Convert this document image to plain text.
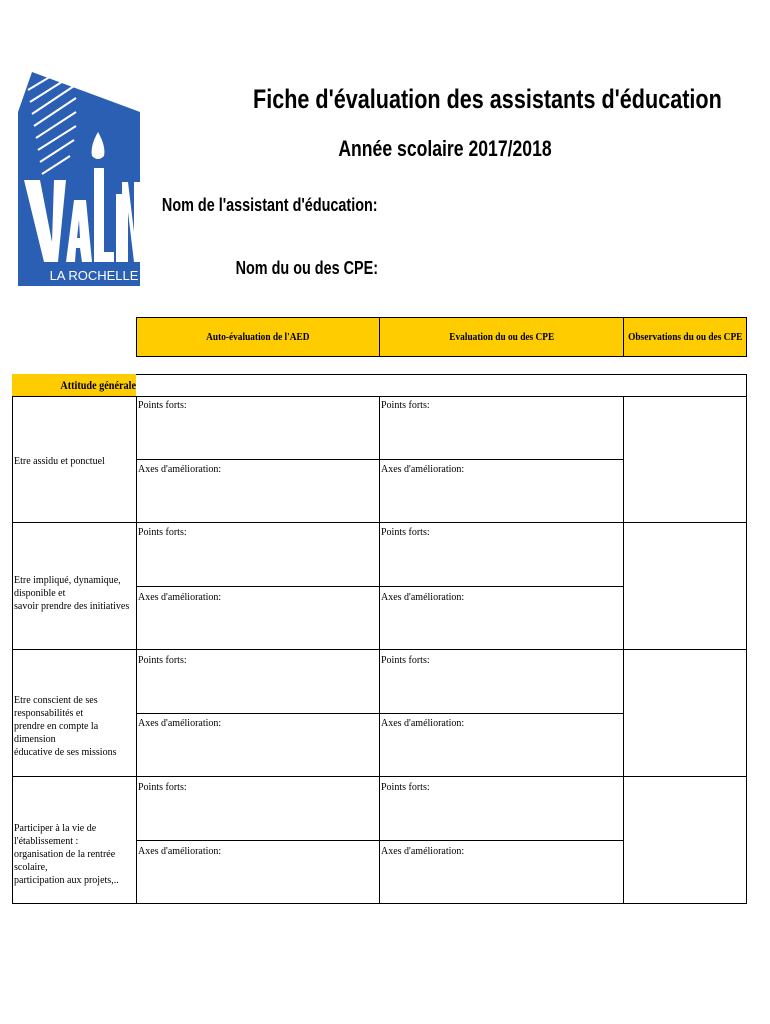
LA ROCHELLE
Fiche d'évaluation des assistants d'éducation
Année scolaire 2017/2018
Nom de l'assistant d'éducation:
Nom du ou des CPE:
Auto-évaluation de l'AED	Evaluation du ou des CPE	Observations du ou des CPE
Attitude générale
Etre assidu et ponctuel
Points forts:	Points forts:
Axes d'amélioration:	Axes d'amélioration:
Etre impliqué, dynamique, disponible et
savoir prendre des initiatives
Points forts:	Points forts:
Axes d'amélioration:	Axes d'amélioration:
Etre conscient de ses responsabilités et
prendre en compte la dimension
éducative de ses missions
Points forts:	Points forts:
Axes d'amélioration:	Axes d'amélioration:
Participer à la vie de l'établissement :
organisation de la rentrée scolaire,
participation aux projets,..
Points forts:	Points forts:
Axes d'amélioration:	Axes d'amélioration:
